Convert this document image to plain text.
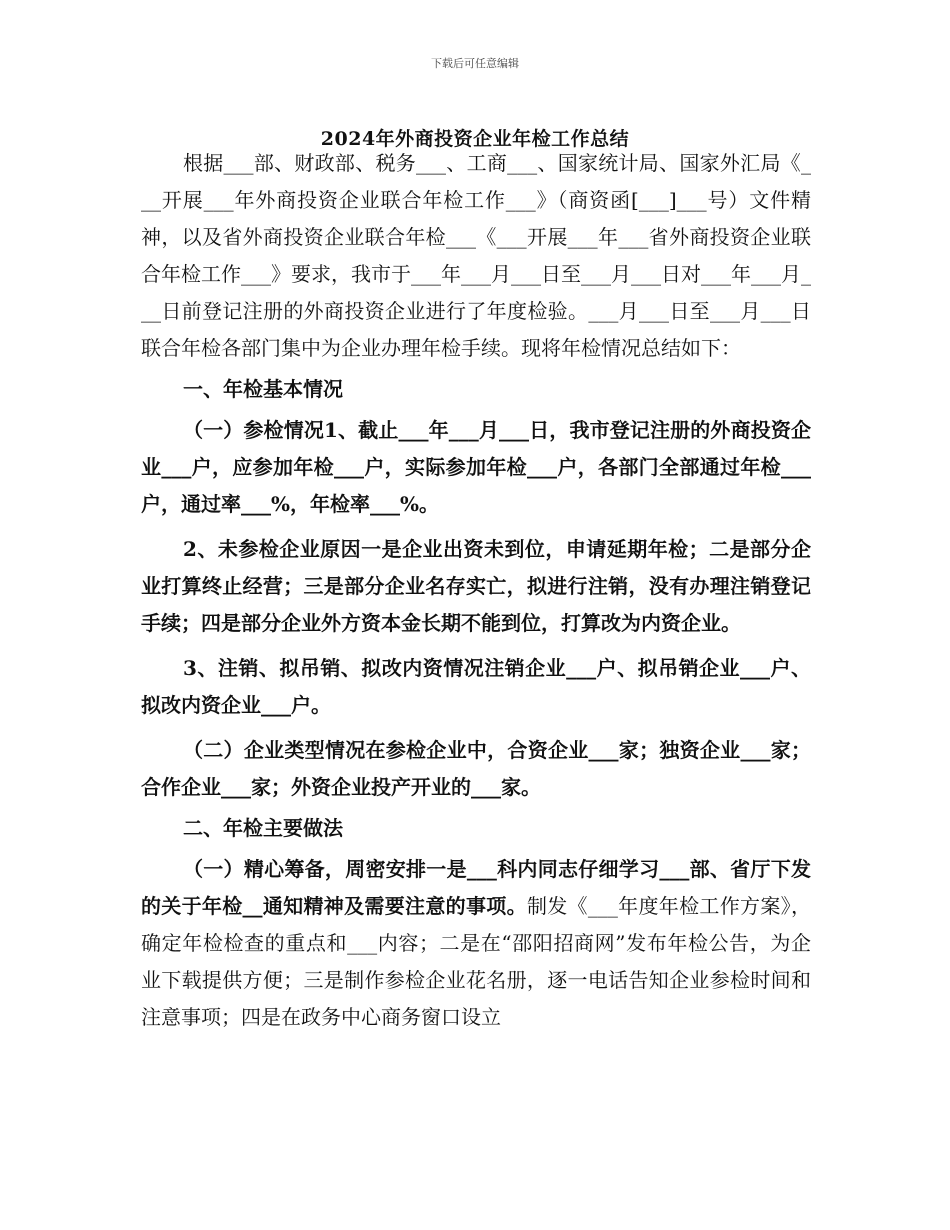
下载后可任意编辑
2024年外商投资企业年检工作总结

根据___部、财政部、税务___、工商___、国家统计局、国家外汇局《___开展___年外商投资企业联合年检工作___》（商资函[___]___号）文件精神，以及省外商投资企业联合年检___《___开展___年___省外商投资企业联合年检工作___》要求，我市于___年___月___日至___月___日对___年___月___日前登记注册的外商投资企业进行了年度检验。___月___日至___月___日联合年检各部门集中为企业办理年检手续。现将年检情况总结如下：

一、年检基本情况

（一）参检情况1、截止___年___月___日，我市登记注册的外商投资企业___户，应参加年检___户，实际参加年检___户，各部门全部通过年检___户，通过率___%，年检率___%。

2、未参检企业原因一是企业出资未到位，申请延期年检；二是部分企业打算终止经营；三是部分企业名存实亡，拟进行注销，没有办理注销登记手续；四是部分企业外方资本金长期不能到位，打算改为内资企业。

3、注销、拟吊销、拟改内资情况注销企业___户、拟吊销企业___户、拟改内资企业___户。

（二）企业类型情况在参检企业中，合资企业___家；独资企业___家；合作企业___家；外资企业投产开业的___家。

二、年检主要做法

（一）精心筹备，周密安排一是___科内同志仔细学习___部、省厅下发的关于年检__通知精神及需要注意的事项。制发《___年度年检工作方案》，确定年检检查的重点和___内容；二是在“邵阳招商网”发布年检公告，为企业下载提供方便；三是制作参检企业花名册，逐一电话告知企业参检时间和注意事项；四是在政务中心商务窗口设立
